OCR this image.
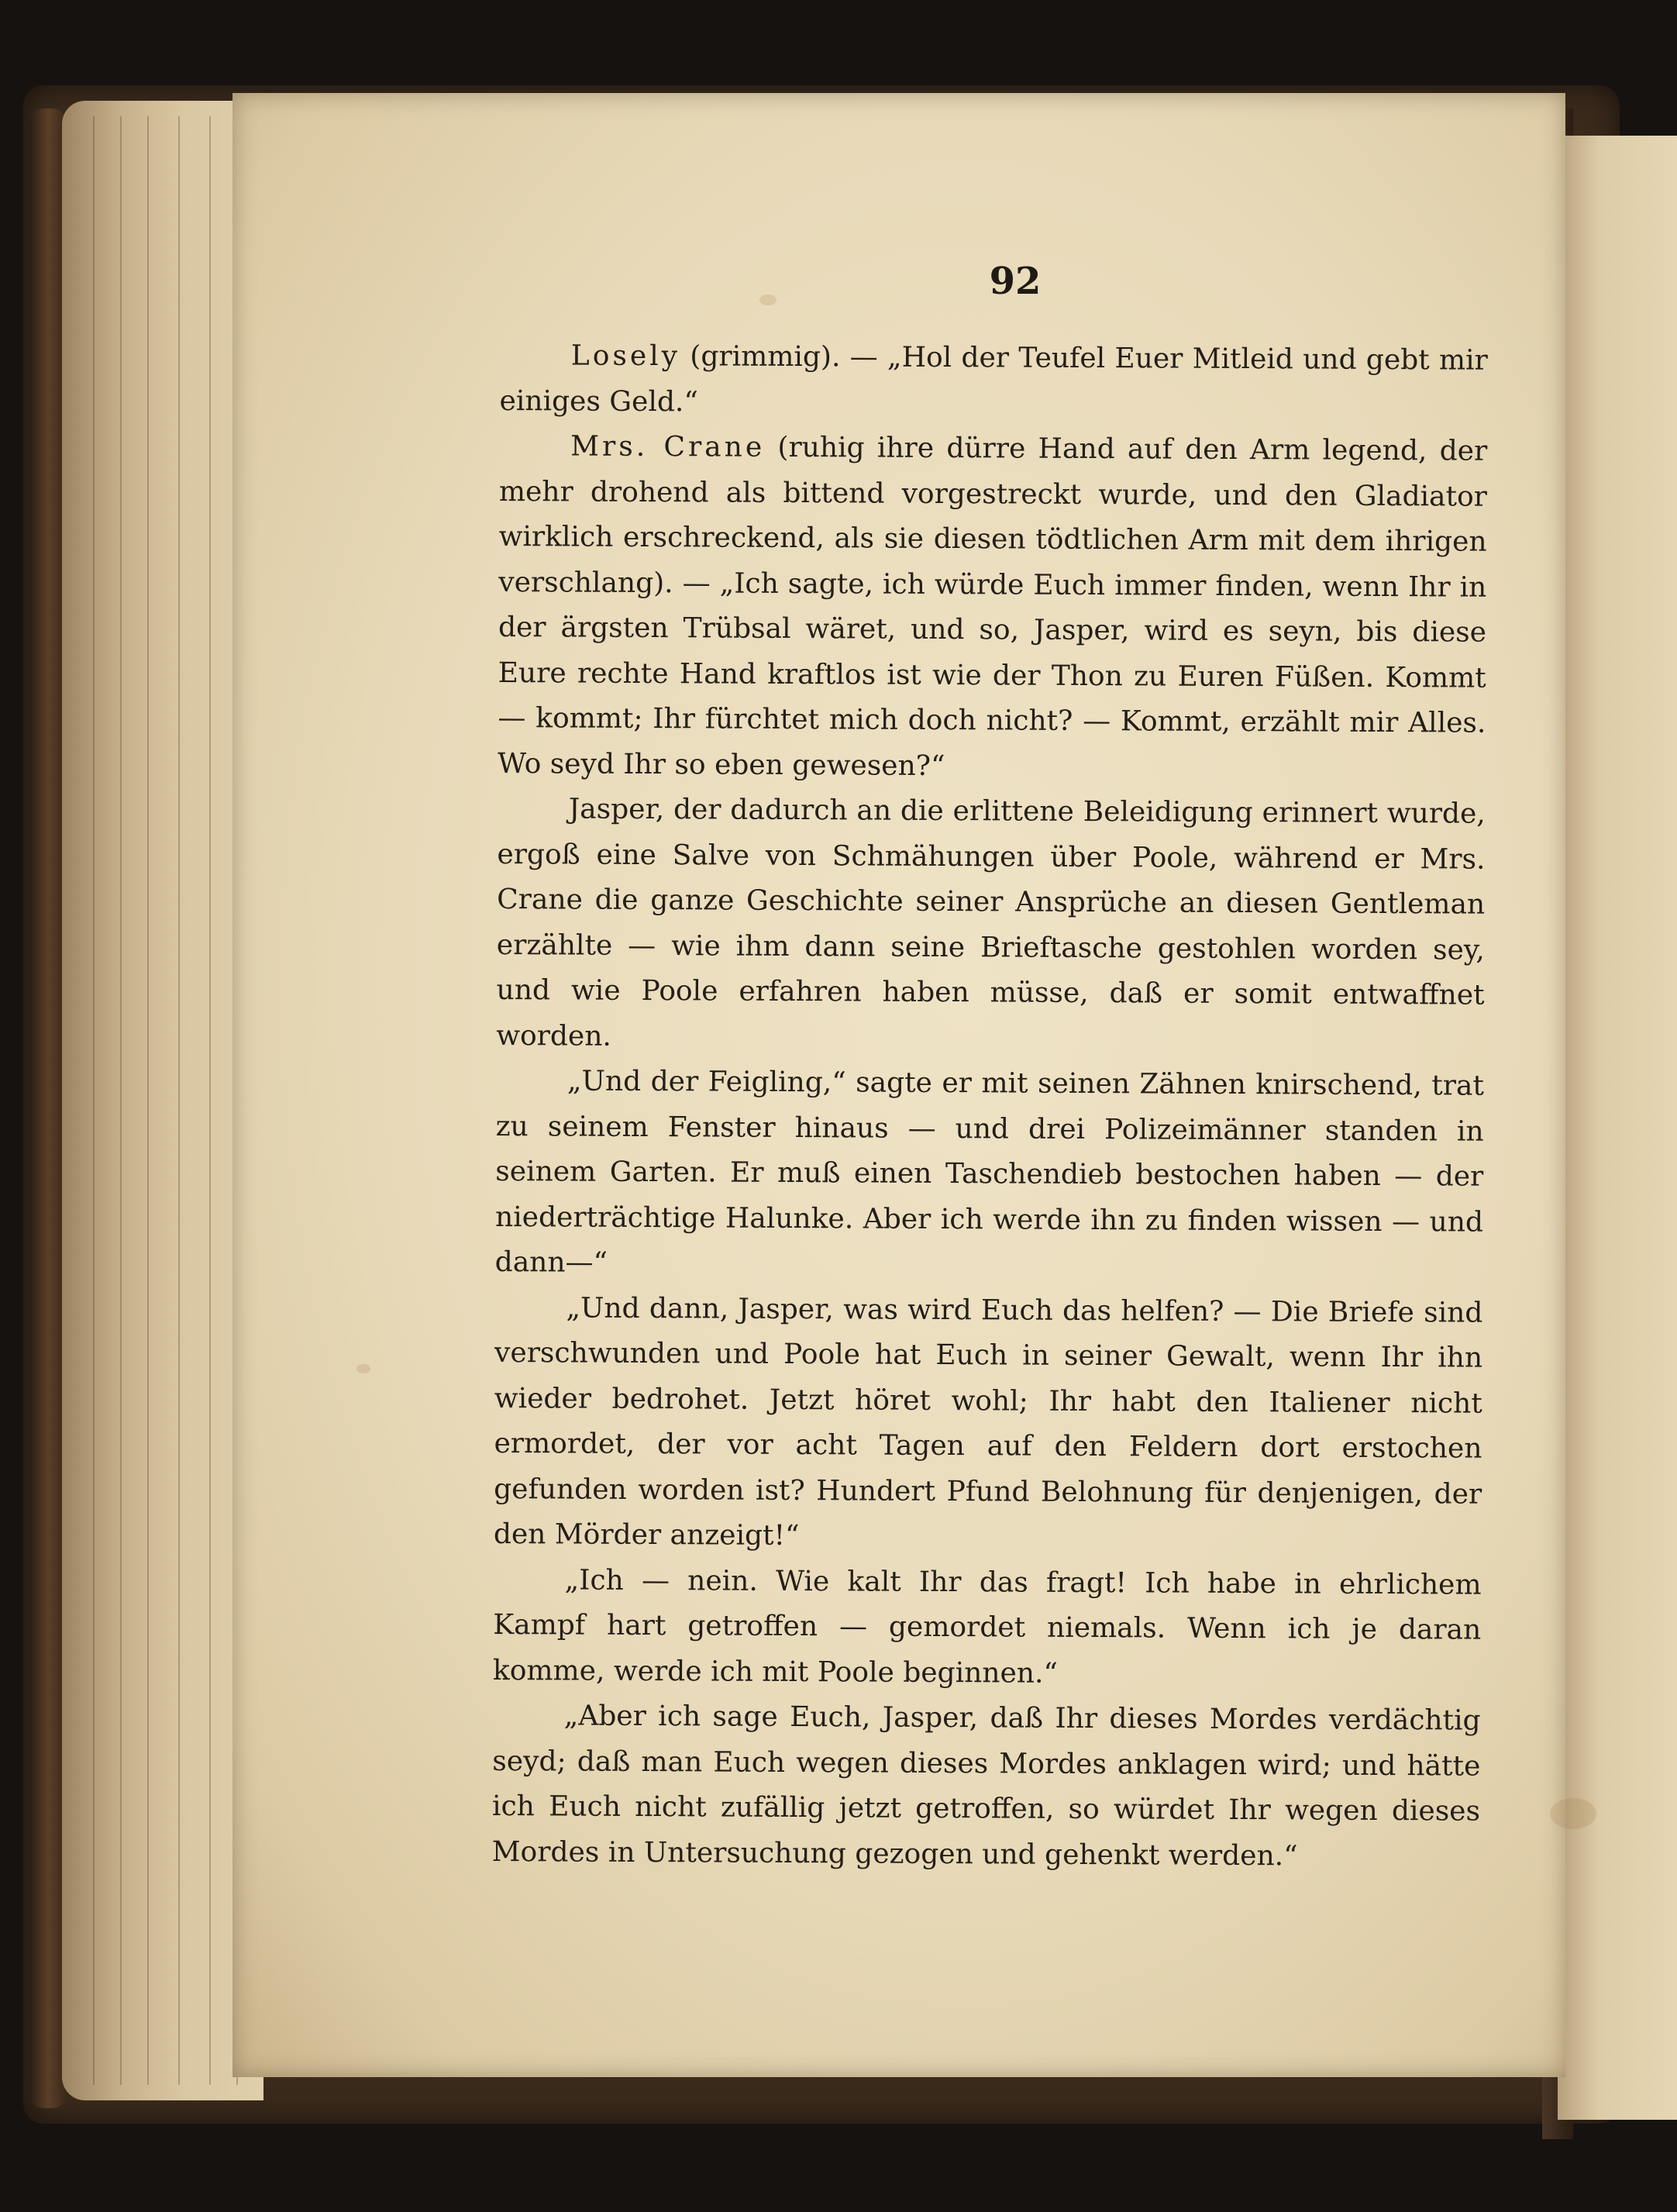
92

Losely (grimmig). — „Hol der Teufel Euer Mitleid und gebt mir einiges Geld.“

Mrs. Crane (ruhig ihre dürre Hand auf den Arm legend, der mehr drohend als bittend vorgestreckt wurde, und den Gladiator wirklich erschreckend, als sie diesen tödtlichen Arm mit dem ihrigen verschlang). — „Ich sagte, ich würde Euch immer finden, wenn Ihr in der ärgsten Trübsal wäret, und so, Jasper, wird es seyn, bis diese Eure rechte Hand kraftlos ist wie der Thon zu Euren Füßen. Kommt — kommt; Ihr fürchtet mich doch nicht? — Kommt, erzählt mir Alles. Wo seyd Ihr so eben gewesen?“

Jasper, der dadurch an die erlittene Beleidigung erinnert wurde, ergoß eine Salve von Schmähungen über Poole, während er Mrs. Crane die ganze Geschichte seiner Ansprüche an diesen Gentleman erzählte — wie ihm dann seine Brieftasche gestohlen worden sey, und wie Poole erfahren haben müsse, daß er somit entwaffnet worden.

„Und der Feigling,“ sagte er mit seinen Zähnen knirschend, trat zu seinem Fenster hinaus — und drei Polizeimänner standen in seinem Garten. Er muß einen Taschendieb bestochen haben — der niederträchtige Halunke. Aber ich werde ihn zu finden wissen — und dann—“

„Und dann, Jasper, was wird Euch das helfen? — Die Briefe sind verschwunden und Poole hat Euch in seiner Gewalt, wenn Ihr ihn wieder bedrohet. Jetzt höret wohl; Ihr habt den Italiener nicht ermordet, der vor acht Tagen auf den Feldern dort erstochen gefunden worden ist? Hundert Pfund Belohnung für denjenigen, der den Mörder anzeigt!“

„Ich — nein. Wie kalt Ihr das fragt! Ich habe in ehrlichem Kampf hart getroffen — gemordet niemals. Wenn ich je daran komme, werde ich mit Poole beginnen.“

„Aber ich sage Euch, Jasper, daß Ihr dieses Mordes verdächtig seyd; daß man Euch wegen dieses Mordes anklagen wird; und hätte ich Euch nicht zufällig jetzt getroffen, so würdet Ihr wegen dieses Mordes in Untersuchung gezogen und gehenkt werden.“
